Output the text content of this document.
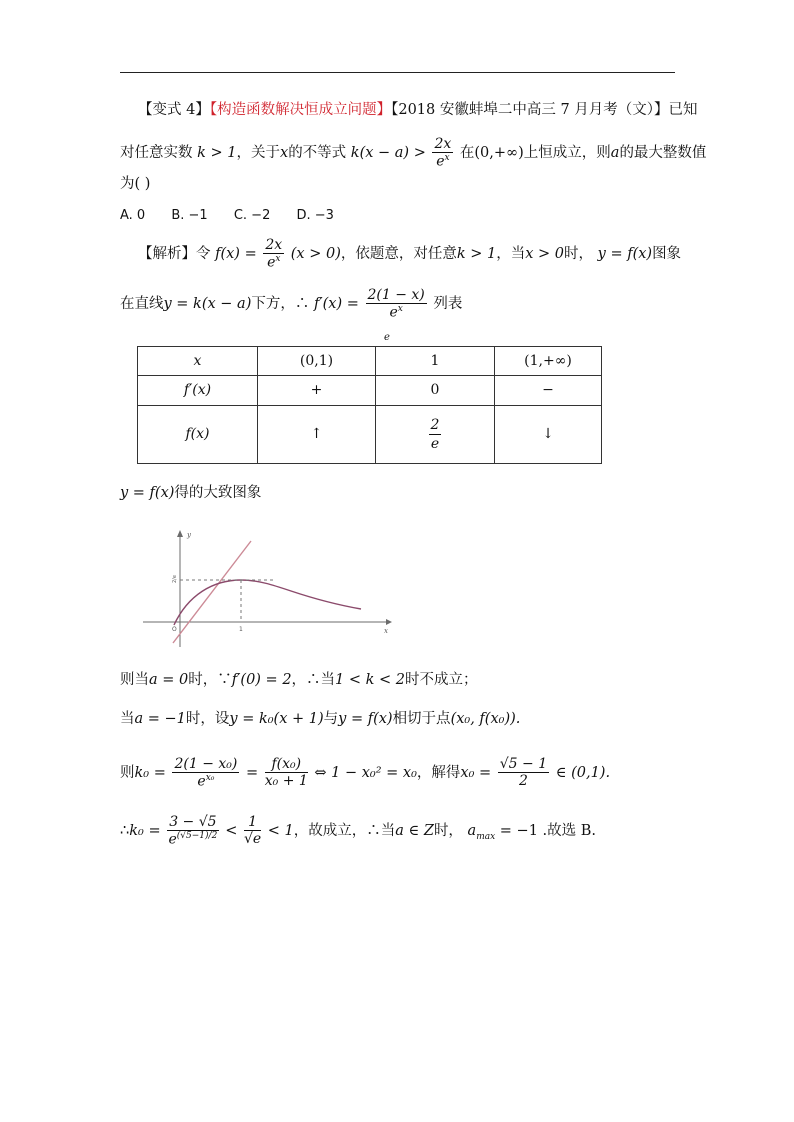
【变式 4】【构造函数解决恒成立问题】【2018 安徽蚌埠二中高三 7 月月考（文）】已知
对任意实数 k > 1，关于x的不等式 $k(x - a) > \frac{2x}{e^x}$ 在(0,+∞)上恒成立，则a的最大整数值
为( )
A. 0 B. −1 C. −2 D. −3
【解析】令 $f(x) = \frac{2x}{e^x} (x > 0)$，依题意，对任意k > 1，当x > 0时， y = f(x)图象
在直线y = k(x − a)下方，∴ $f'(x) = \frac{2(1 - x)}{e^x}$ 列表
e
x	(0,1)	1	(1,+∞)
f′(x)	+	0	−
f(x)	↑	$\frac{2}{e}$	↓
y = f(x)得的大致图象
y
x
O	1
2/e
则当a = 0时，∵f′(0) = 2，∴当1 < k < 2时不成立；
当a = −1时，设y = k₀(x + 1)与y = f(x)相切于点(x₀, f(x₀)).
则$k_0 = \frac{\text{2(1 − x₀)}}{e^{x_0}} = \frac{\text{f(x₀)}}{\text{x₀ + 1}}$ ⇔ 1 − x₀² = x₀，解得$x_0 = \frac{√5 - 1}{2}$ ∈ (0,1).
∴k₀ = $\frac{3 - √5}{e^{(√5-1)/2}} < \frac{1}{√e} < 1$，故成立，∴当a ∈ Z时， $a_{max} = -1$ .故选 B.
